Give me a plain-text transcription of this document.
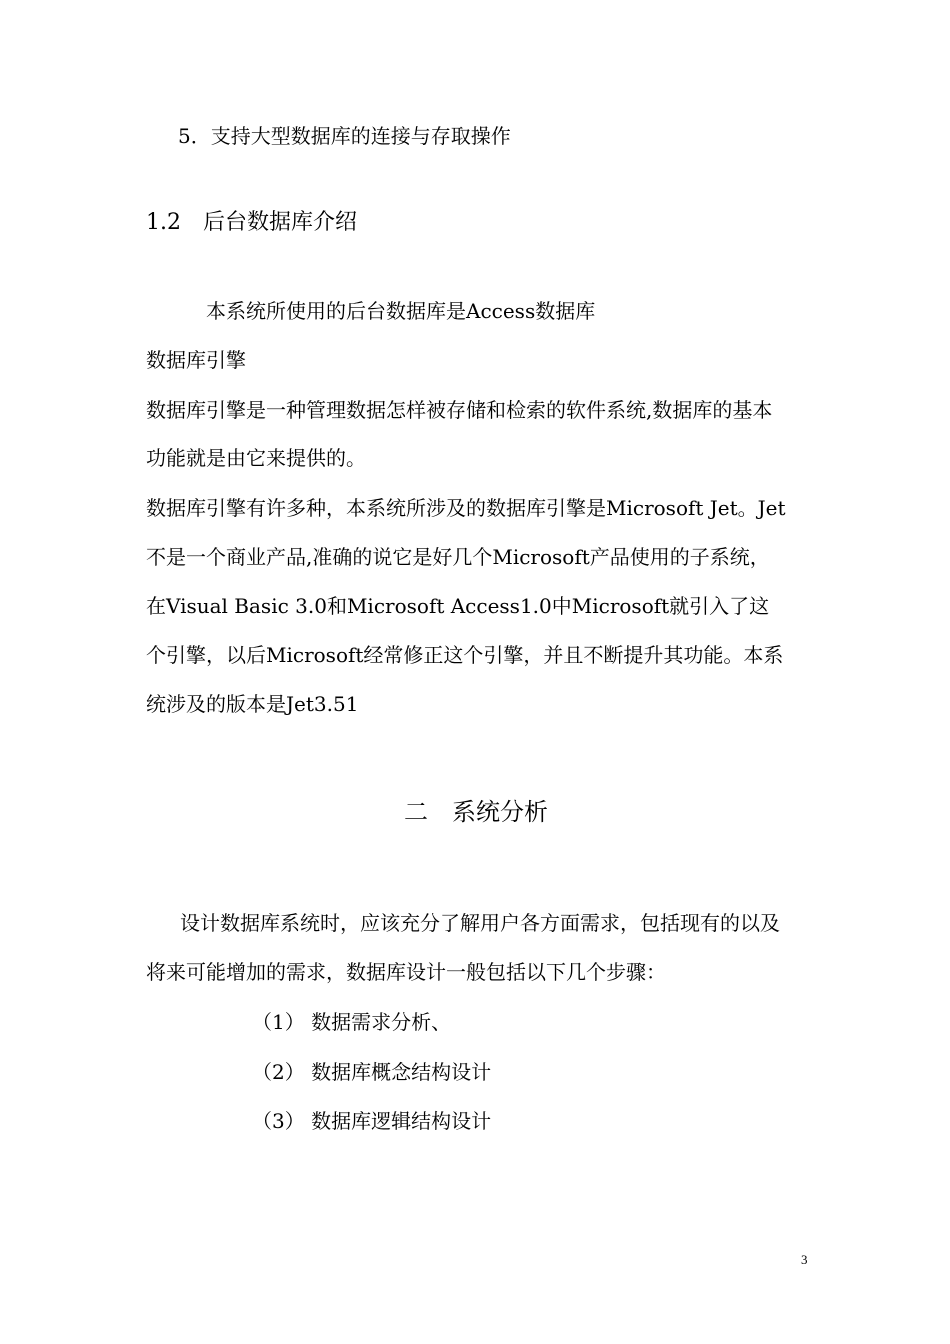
5．支持大型数据库的连接与存取操作
1.2　后台数据库介绍
本系统所使用的后台数据库是Access数据库
数据库引擎
数据库引擎是一种管理数据怎样被存储和检索的软件系统,数据库的基本
功能就是由它来提供的。
数据库引擎有许多种，本系统所涉及的数据库引擎是Microsoft Jet。Jet
不是一个商业产品,准确的说它是好几个Microsoft产品使用的子系统，
在Visual Basic 3.0和Microsoft Access1.0中Microsoft就引入了这
个引擎，以后Microsoft经常修正这个引擎，并且不断提升其功能。本系
统涉及的版本是Jet3.51
二　系统分析
设计数据库系统时，应该充分了解用户各方面需求，包括现有的以及
将来可能增加的需求，数据库设计一般包括以下几个步骤：
（1） 数据需求分析、
（2） 数据库概念结构设计
（3） 数据库逻辑结构设计
3
